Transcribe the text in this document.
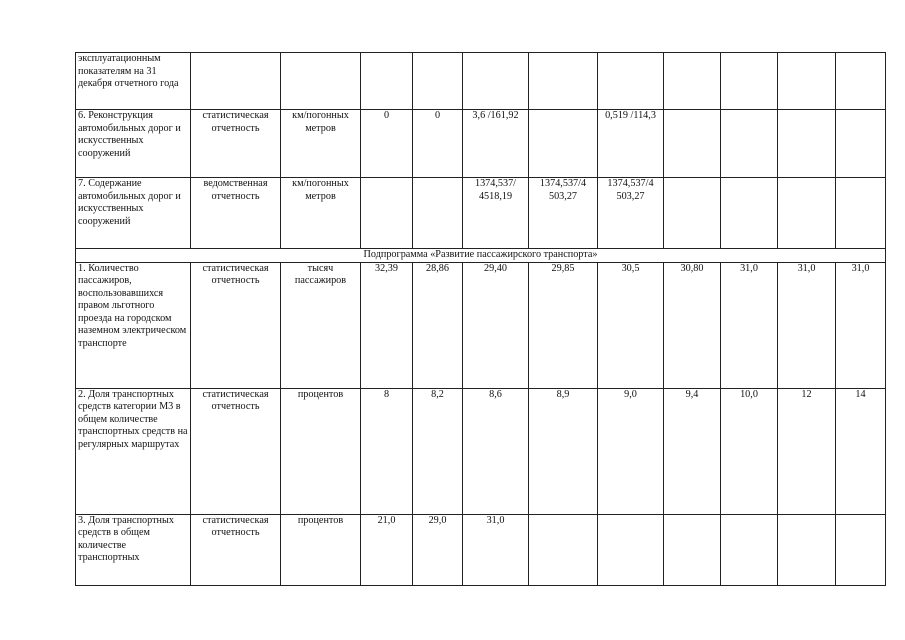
эксплуатационным показателям на 31 декабря отчетного года											
6. Реконструкция автомобильных дорог и искусственных сооружений	статистическая отчетность	км/погонных метров	0	0	3,6 /161,92		0,519 /114,3				
7. Содержание автомобильных дорог и искусственных сооружений	ведомственная отчетность	км/погонных метров			1374,537/ 4518,19	1374,537/4 503,27	1374,537/4 503,27				
Подпрограмма «Развитие пассажирского транспорта»											
1. Количество пассажиров, воспользовавшихся правом льготного проезда на городском наземном электрическом транспорте	статистическая отчетность	тысяч пассажиров	32,39	28,86	29,40	29,85	30,5	30,80	31,0	31,0	31,0
2. Доля транспортных средств категории М3 в общем количестве транспортных средств на регулярных маршрутах	статистическая отчетность	процентов	8	8,2	8,6	8,9	9,0	9,4	10,0	12	14
3. Доля транспортных средств в общем количестве транспортных	статистическая отчетность	процентов	21,0	29,0	31,0						
